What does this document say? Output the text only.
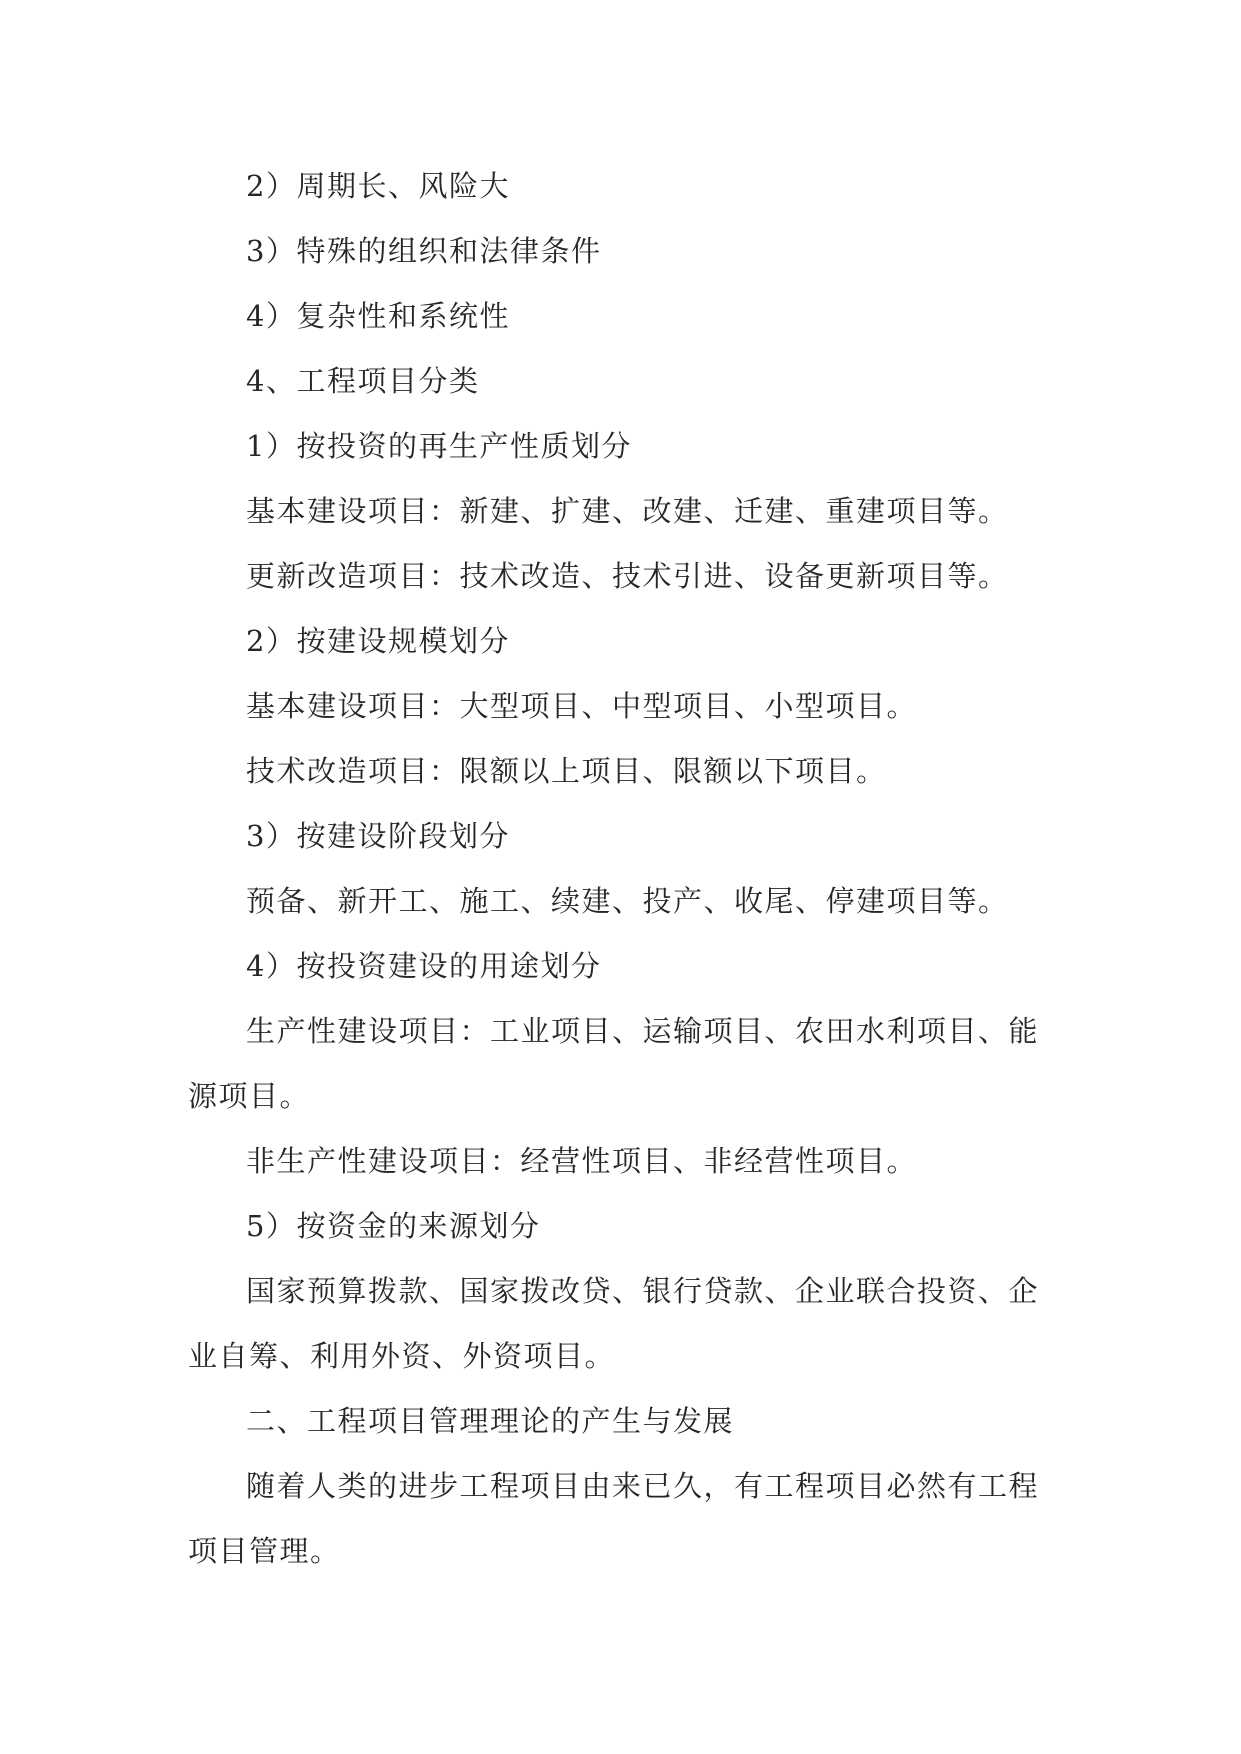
2）周期长、风险大

3）特殊的组织和法律条件

4）复杂性和系统性

4、工程项目分类

1）按投资的再生产性质划分

基本建设项目：新建、扩建、改建、迁建、重建项目等。

更新改造项目：技术改造、技术引进、设备更新项目等。

2）按建设规模划分

基本建设项目：大型项目、中型项目、小型项目。

技术改造项目：限额以上项目、限额以下项目。

3）按建设阶段划分

预备、新开工、施工、续建、投产、收尾、停建项目等。

4）按投资建设的用途划分

生产性建设项目：工业项目、运输项目、农田水利项目、能源项目。

非生产性建设项目：经营性项目、非经营性项目。

5）按资金的来源划分

国家预算拨款、国家拨改贷、银行贷款、企业联合投资、企业自筹、利用外资、外资项目。

二、工程项目管理理论的产生与发展

随着人类的进步工程项目由来已久，有工程项目必然有工程项目管理。
